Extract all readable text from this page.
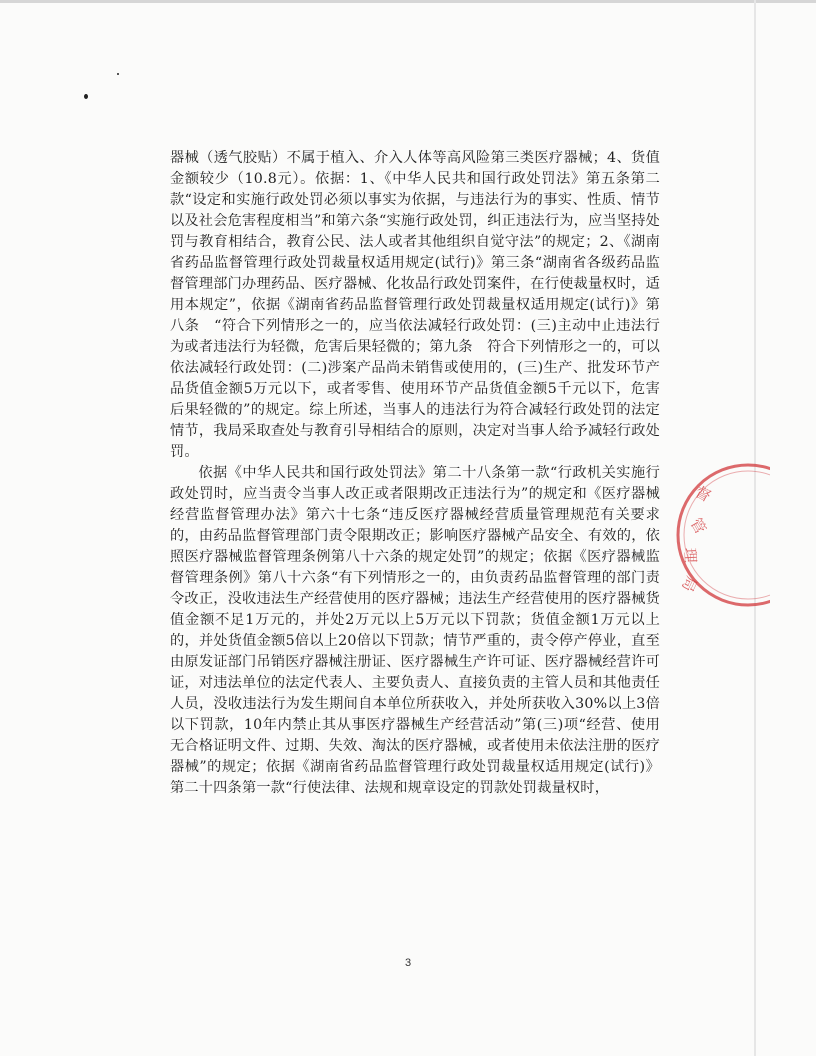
器械（透气胶贴）不属于植入、介入人体等高风险第三类医疗器械；4、货值金额较少（10.8元）。依据：1、《中华人民共和国行政处罚法》第五条第二款“设定和实施行政处罚必须以事实为依据，与违法行为的事实、性质、情节以及社会危害程度相当”和第六条“实施行政处罚，纠正违法行为，应当坚持处罚与教育相结合，教育公民、法人或者其他组织自觉守法”的规定；2、《湖南省药品监督管理行政处罚裁量权适用规定(试行)》第三条“湖南省各级药品监督管理部门办理药品、医疗器械、化妆品行政处罚案件，在行使裁量权时，适用本规定”，依据《湖南省药品监督管理行政处罚裁量权适用规定(试行)》第八条　“符合下列情形之一的，应当依法减轻行政处罚：(三)主动中止违法行为或者违法行为轻微，危害后果轻微的；第九条　符合下列情形之一的，可以依法减轻行政处罚：(二)涉案产品尚未销售或使用的，(三)生产、批发环节产品货值金额5万元以下，或者零售、使用环节产品货值金额5千元以下，危害后果轻微的”的规定。综上所述，当事人的违法行为符合减轻行政处罚的法定情节，我局采取查处与教育引导相结合的原则，决定对当事人给予减轻行政处罚。

依据《中华人民共和国行政处罚法》第二十八条第一款“行政机关实施行政处罚时，应当责令当事人改正或者限期改正违法行为”的规定和《医疗器械经营监督管理办法》第六十七条“违反医疗器械经营质量管理规范有关要求的，由药品监督管理部门责令限期改正；影响医疗器械产品安全、有效的，依照医疗器械监督管理条例第八十六条的规定处罚”的规定；依据《医疗器械监督管理条例》第八十六条“有下列情形之一的，由负责药品监督管理的部门责令改正，没收违法生产经营使用的医疗器械；违法生产经营使用的医疗器械货值金额不足1万元的，并处2万元以上5万元以下罚款；货值金额1万元以上的，并处货值金额5倍以上20倍以下罚款；情节严重的，责令停产停业，直至由原发证部门吊销医疗器械注册证、医疗器械生产许可证、医疗器械经营许可证，对违法单位的法定代表人、主要负责人、直接负责的主管人员和其他责任人员，没收违法行为发生期间自本单位所获收入，并处所获收入30%以上3倍以下罚款，10年内禁止其从事医疗器械生产经营活动”第(三)项“经营、使用无合格证明文件、过期、失效、淘汰的医疗器械，或者使用未依法注册的医疗器械”的规定；依据《湖南省药品监督管理行政处罚裁量权适用规定(试行)》第二十四条第一款“行使法律、法规和规章设定的罚款处罚裁量权时，

督
管
理
局
3
